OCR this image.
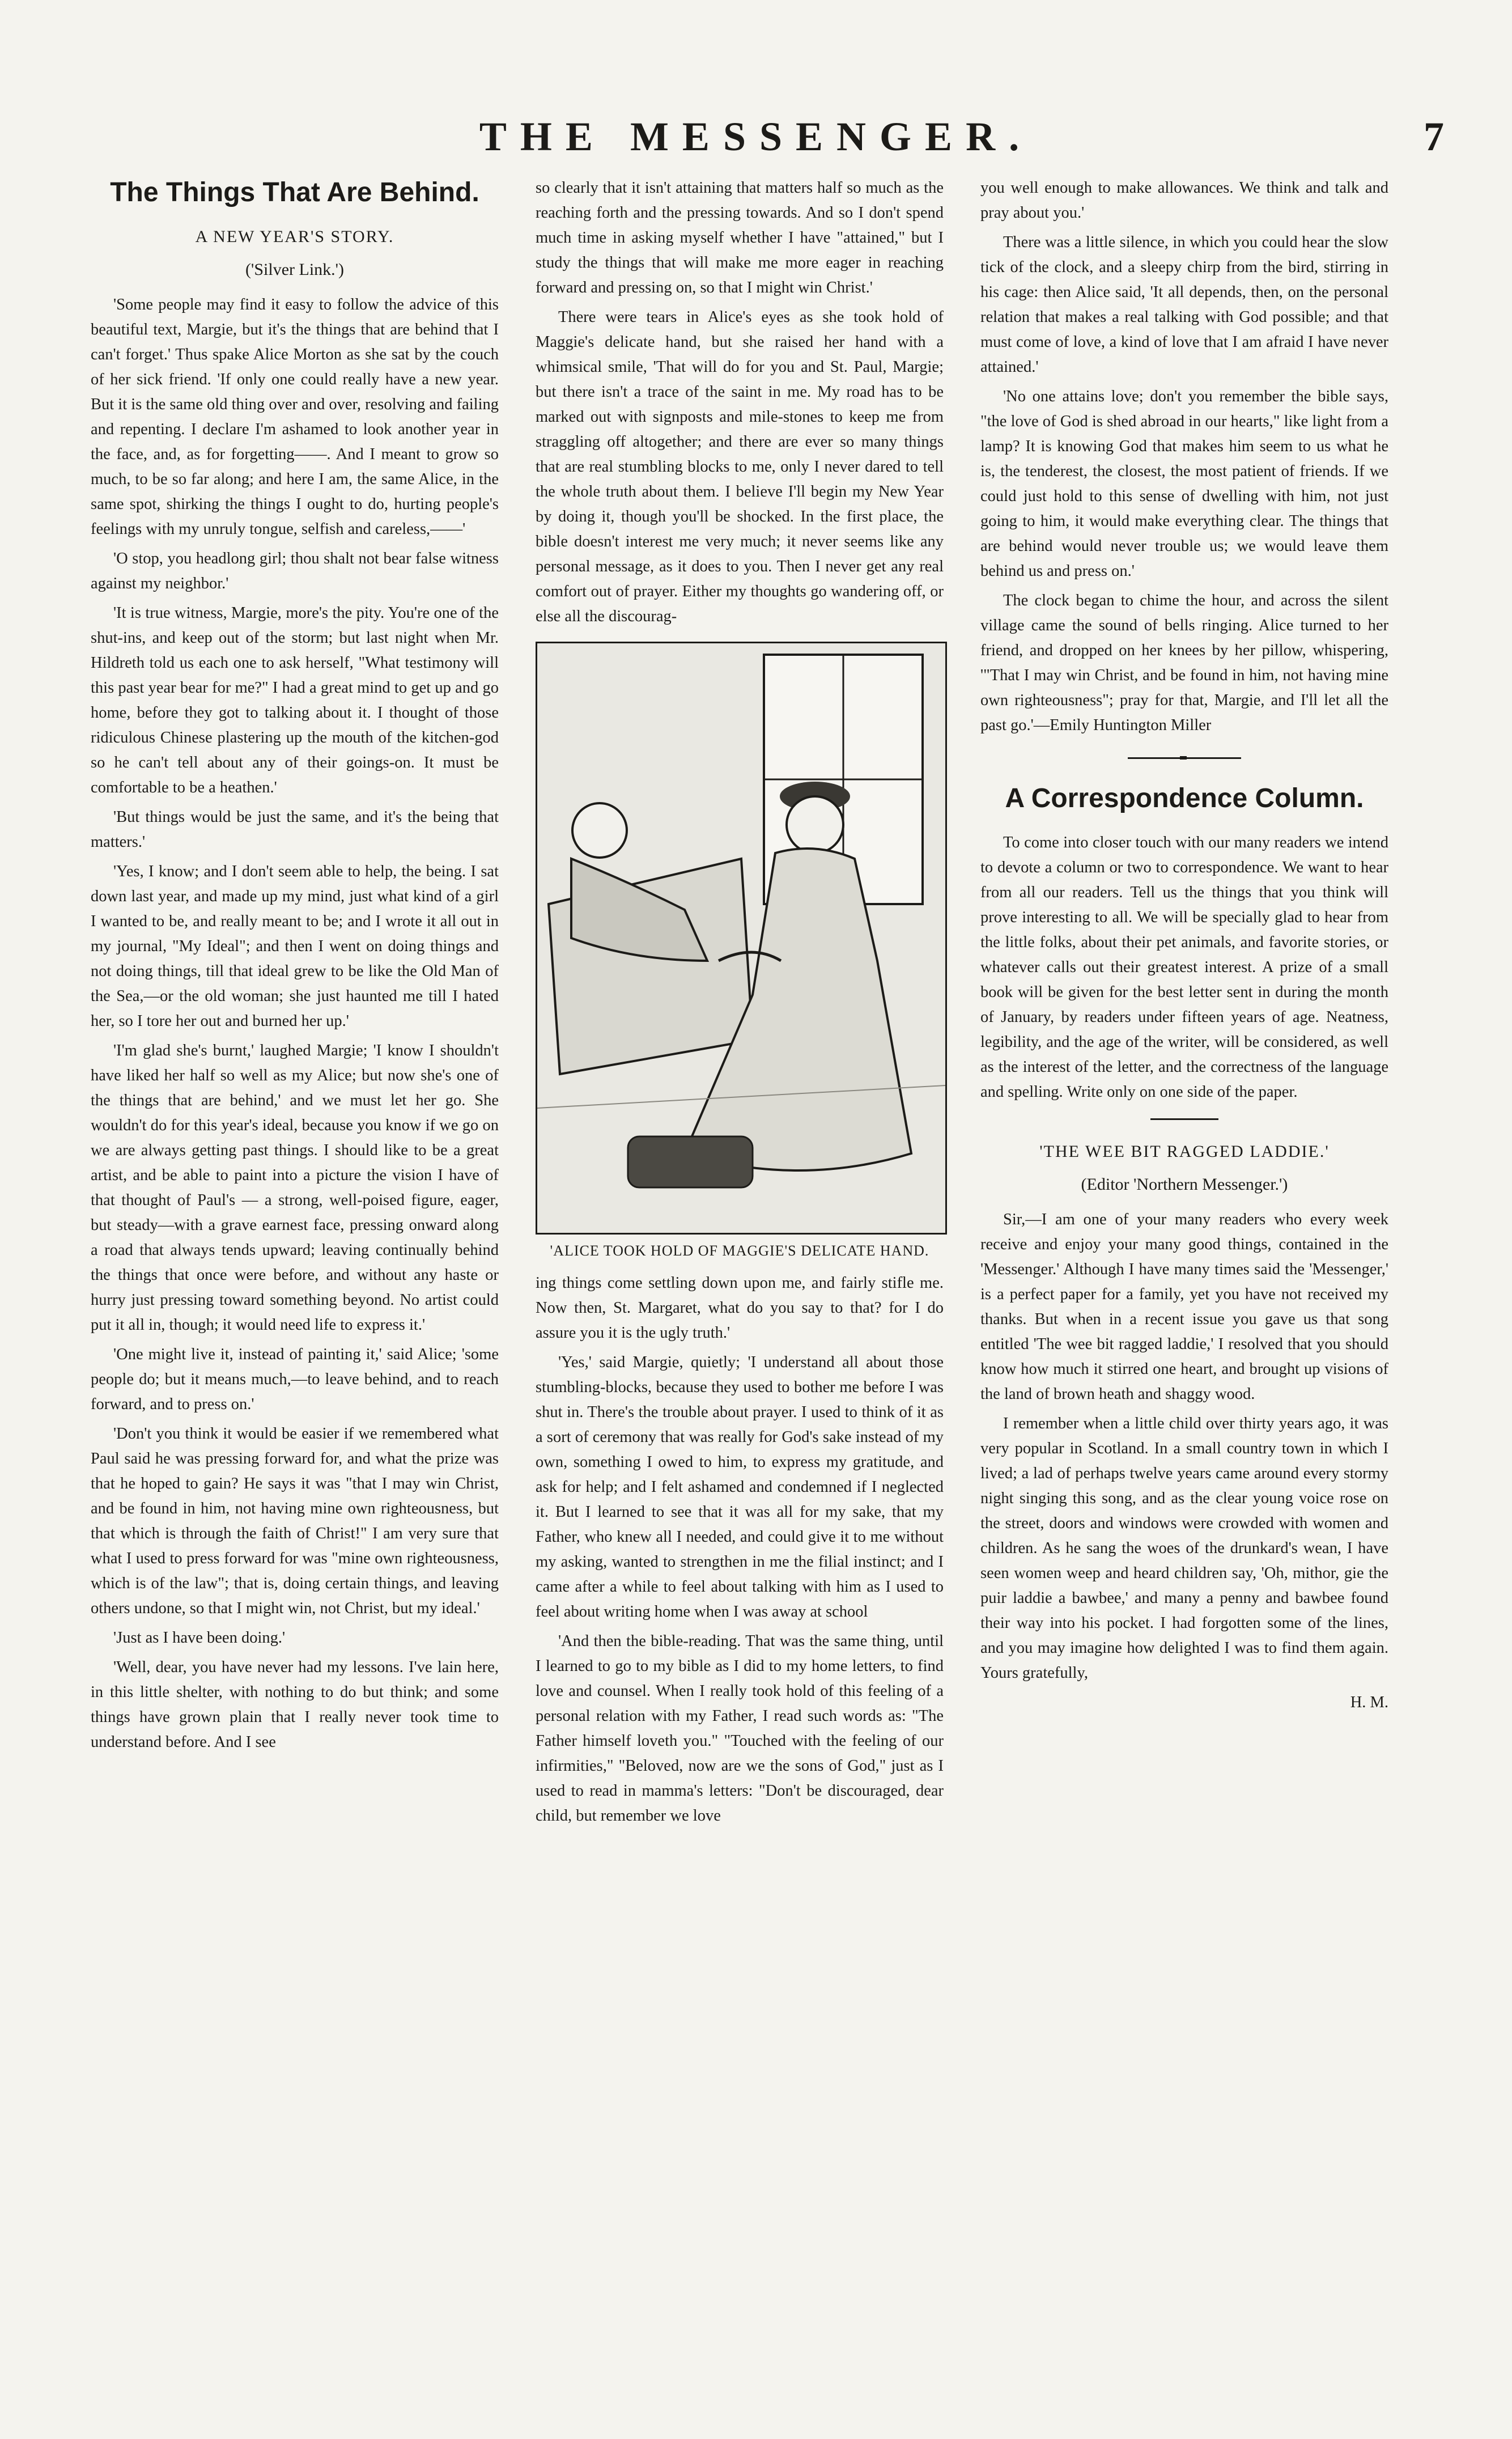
THE MESSENGER.	7
The Things That Are Behind.
A NEW YEAR'S STORY.
('Silver Link.')

'Some people may find it easy to follow the advice of this beautiful text, Margie, but it's the things that are behind that I can't forget.' Thus spake Alice Morton as she sat by the couch of her sick friend. 'If only one could really have a new year. But it is the same old thing over and over, resolving and failing and repenting. I declare I'm ashamed to look another year in the face, and, as for forgetting——. And I meant to grow so much, to be so far along; and here I am, the same Alice, in the same spot, shirking the things I ought to do, hurting people's feelings with my unruly tongue, selfish and careless,——'

'O stop, you headlong girl; thou shalt not bear false witness against my neighbor.'

'It is true witness, Margie, more's the pity. You're one of the shut-ins, and keep out of the storm; but last night when Mr. Hildreth told us each one to ask herself, "What testimony will this past year bear for me?" I had a great mind to get up and go home, before they got to talking about it. I thought of those ridiculous Chinese plastering up the mouth of the kitchen-god so he can't tell about any of their goings-on. It must be comfortable to be a heathen.'

'But things would be just the same, and it's the being that matters.'

'Yes, I know; and I don't seem able to help, the being. I sat down last year, and made up my mind, just what kind of a girl I wanted to be, and really meant to be; and I wrote it all out in my journal, "My Ideal"; and then I went on doing things and not doing things, till that ideal grew to be like the Old Man of the Sea,—or the old woman; she just haunted me till I hated her, so I tore her out and burned her up.'

'I'm glad she's burnt,' laughed Margie; 'I know I shouldn't have liked her half so well as my Alice; but now she's one of the things that are behind,' and we must let her go. She wouldn't do for this year's ideal, because you know if we go on we are always getting past things. I should like to be a great artist, and be able to paint into a picture the vision I have of that thought of Paul's — a strong, well-poised figure, eager, but steady—with a grave earnest face, pressing onward along a road that always tends upward; leaving continually behind the things that once were before, and without any haste or hurry just pressing toward something beyond. No artist could put it all in, though; it would need life to express it.'

'One might live it, instead of painting it,' said Alice; 'some people do; but it means much,—to leave behind, and to reach forward, and to press on.'

'Don't you think it would be easier if we remembered what Paul said he was pressing forward for, and what the prize was that he hoped to gain? He says it was "that I may win Christ, and be found in him, not having mine own righteousness, but that which is through the faith of Christ!" I am very sure that what I used to press forward for was "mine own righteousness, which is of the law"; that is, doing certain things, and leaving others undone, so that I might win, not Christ, but my ideal.'

'Just as I have been doing.'

'Well, dear, you have never had my lessons. I've lain here, in this little shelter, with nothing to do but think; and some things have grown plain that I really never took time to understand before. And I see

so clearly that it isn't attaining that matters half so much as the reaching forth and the pressing towards. And so I don't spend much time in asking myself whether I have "attained," but I study the things that will make me more eager in reaching forward and pressing on, so that I might win Christ.'

There were tears in Alice's eyes as she took hold of Maggie's delicate hand, but she raised her hand with a whimsical smile, 'That will do for you and St. Paul, Margie; but there isn't a trace of the saint in me. My road has to be marked out with signposts and mile-stones to keep me from straggling off altogether; and there are ever so many things that are real stumbling blocks to me, only I never dared to tell the whole truth about them. I believe I'll begin my New Year by doing it, though you'll be shocked. In the first place, the bible doesn't interest me very much; it never seems like any personal message, as it does to you. Then I never get any real comfort out of prayer. Either my thoughts go wandering off, or else all the discourag-

'ALICE TOOK HOLD OF MAGGIE'S DELICATE HAND.

ing things come settling down upon me, and fairly stifle me. Now then, St. Margaret, what do you say to that? for I do assure you it is the ugly truth.'

'Yes,' said Margie, quietly; 'I understand all about those stumbling-blocks, because they used to bother me before I was shut in. There's the trouble about prayer. I used to think of it as a sort of ceremony that was really for God's sake instead of my own, something I owed to him, to express my gratitude, and ask for help; and I felt ashamed and condemned if I neglected it. But I learned to see that it was all for my sake, that my Father, who knew all I needed, and could give it to me without my asking, wanted to strengthen in me the filial instinct; and I came after a while to feel about talking with him as I used to feel about writing home when I was away at school

'And then the bible-reading. That was the same thing, until I learned to go to my bible as I did to my home letters, to find love and counsel. When I really took hold of this feeling of a personal relation with my Father, I read such words as: "The Father himself loveth you." "Touched with the feeling of our infirmities," "Beloved, now are we the sons of God," just as I used to read in mamma's letters: "Don't be discouraged, dear child, but remember we love

you well enough to make allowances. We think and talk and pray about you.'

There was a little silence, in which you could hear the slow tick of the clock, and a sleepy chirp from the bird, stirring in his cage: then Alice said, 'It all depends, then, on the personal relation that makes a real talking with God possible; and that must come of love, a kind of love that I am afraid I have never attained.'

'No one attains love; don't you remember the bible says, "the love of God is shed abroad in our hearts," like light from a lamp? It is knowing God that makes him seem to us what he is, the tenderest, the closest, the most patient of friends. If we could just hold to this sense of dwelling with him, not just going to him, it would make everything clear. The things that are behind would never trouble us; we would leave them behind us and press on.'

The clock began to chime the hour, and across the silent village came the sound of bells ringing. Alice turned to her friend, and dropped on her knees by her pillow, whispering, '"That I may win Christ, and be found in him, not having mine own righteousness"; pray for that, Margie, and I'll let all the past go.'—Emily Huntington Miller

A Correspondence Column.

To come into closer touch with our many readers we intend to devote a column or two to correspondence. We want to hear from all our readers. Tell us the things that you think will prove interesting to all. We will be specially glad to hear from the little folks, about their pet animals, and favorite stories, or whatever calls out their greatest interest. A prize of a small book will be given for the best letter sent in during the month of January, by readers under fifteen years of age. Neatness, legibility, and the age of the writer, will be considered, as well as the interest of the letter, and the correctness of the language and spelling. Write only on one side of the paper.

'THE WEE BIT RAGGED LADDIE.'
(Editor 'Northern Messenger.')

Sir,—I am one of your many readers who every week receive and enjoy your many good things, contained in the 'Messenger.' Although I have many times said the 'Messenger,' is a perfect paper for a family, yet you have not received my thanks. But when in a recent issue you gave us that song entitled 'The wee bit ragged laddie,' I resolved that you should know how much it stirred one heart, and brought up visions of the land of brown heath and shaggy wood.

I remember when a little child over thirty years ago, it was very popular in Scotland. In a small country town in which I lived; a lad of perhaps twelve years came around every stormy night singing this song, and as the clear young voice rose on the street, doors and windows were crowded with women and children. As he sang the woes of the drunkard's wean, I have seen women weep and heard children say, 'Oh, mithor, gie the puir laddie a bawbee,' and many a penny and bawbee found their way into his pocket. I had forgotten some of the lines, and you may imagine how delighted I was to find them again. Yours gratefully,

H. M.
